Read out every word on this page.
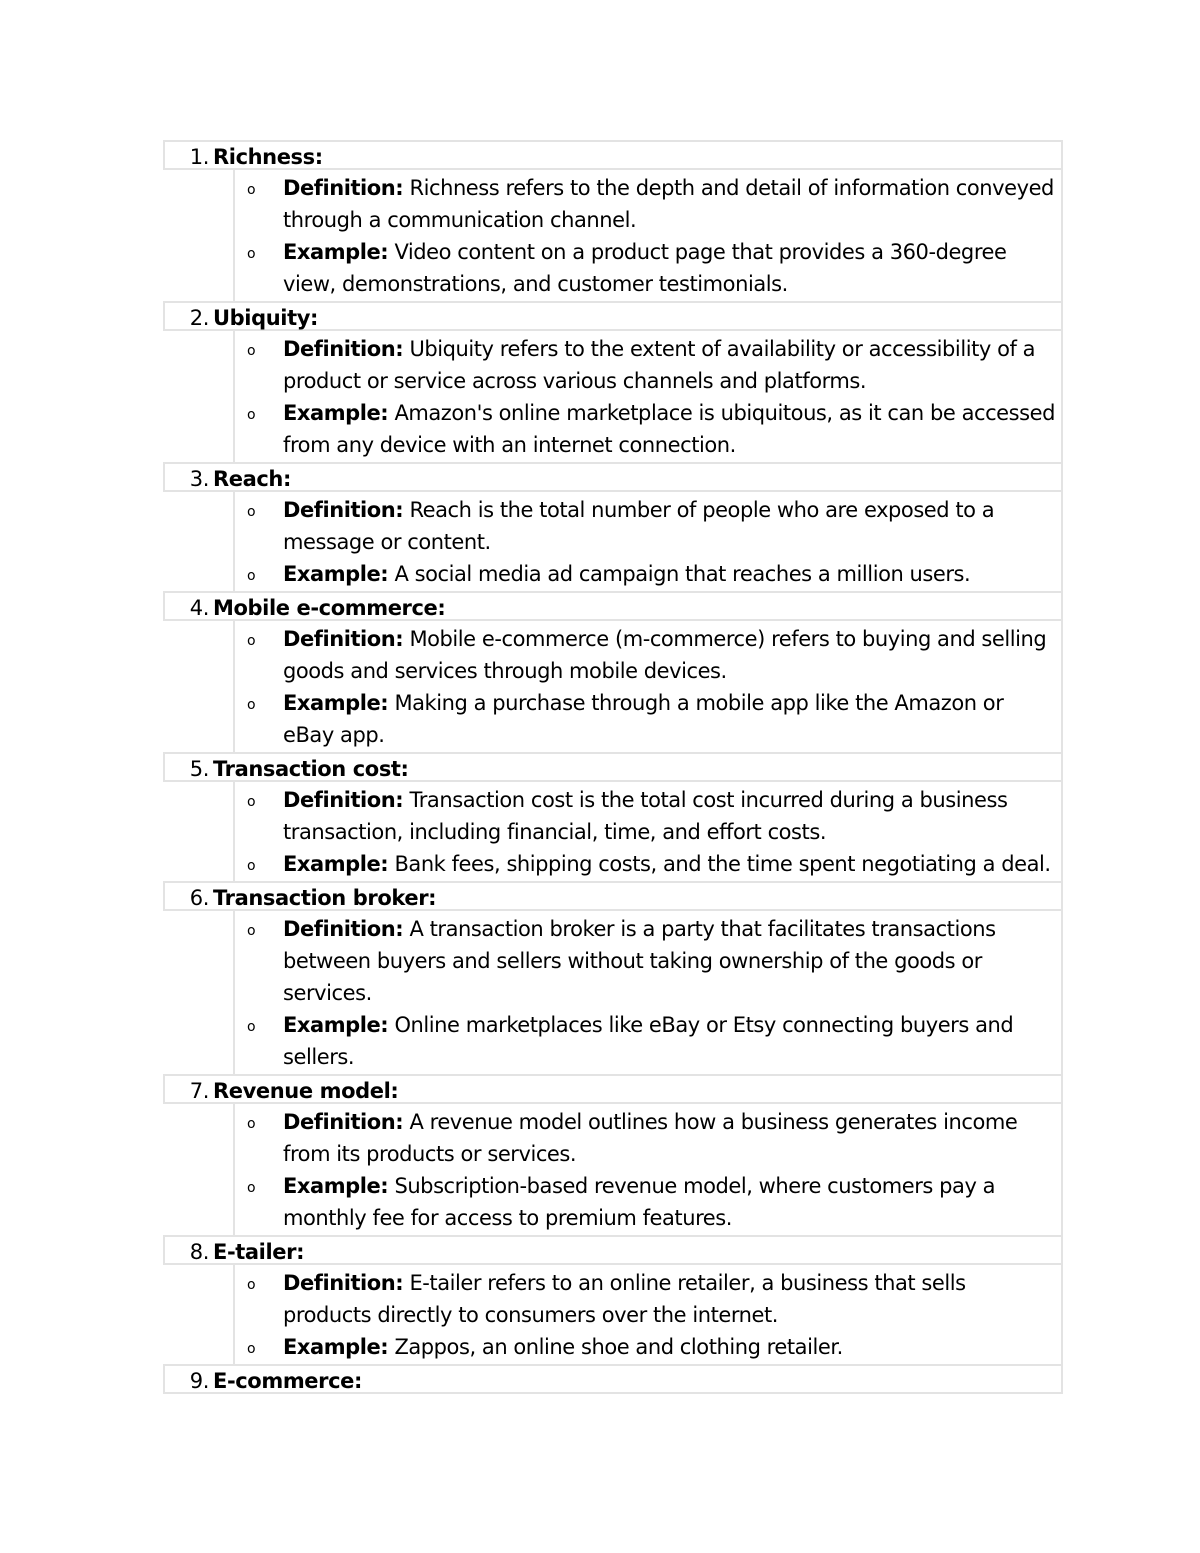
1. Richness:
o	Definition: Richness refers to the depth and detail of information conveyed through a communication channel.
o	Example: Video content on a product page that provides a 360-degree view, demonstrations, and customer testimonials.
2. Ubiquity:
o	Definition: Ubiquity refers to the extent of availability or accessibility of a product or service across various channels and platforms.
o	Example: Amazon's online marketplace is ubiquitous, as it can be accessed from any device with an internet connection.
3. Reach:
o	Definition: Reach is the total number of people who are exposed to a message or content.
o	Example: A social media ad campaign that reaches a million users.
4. Mobile e-commerce:
o	Definition: Mobile e-commerce (m-commerce) refers to buying and selling goods and services through mobile devices.
o	Example: Making a purchase through a mobile app like the Amazon or eBay app.
5. Transaction cost:
o	Definition: Transaction cost is the total cost incurred during a business transaction, including financial, time, and effort costs.
o	Example: Bank fees, shipping costs, and the time spent negotiating a deal.
6. Transaction broker:
o	Definition: A transaction broker is a party that facilitates transactions between buyers and sellers without taking ownership of the goods or services.
o	Example: Online marketplaces like eBay or Etsy connecting buyers and sellers.
7. Revenue model:
o	Definition: A revenue model outlines how a business generates income from its products or services.
o	Example: Subscription-based revenue model, where customers pay a monthly fee for access to premium features.
8. E-tailer:
o	Definition: E-tailer refers to an online retailer, a business that sells products directly to consumers over the internet.
o	Example: Zappos, an online shoe and clothing retailer.
9. E-commerce:
